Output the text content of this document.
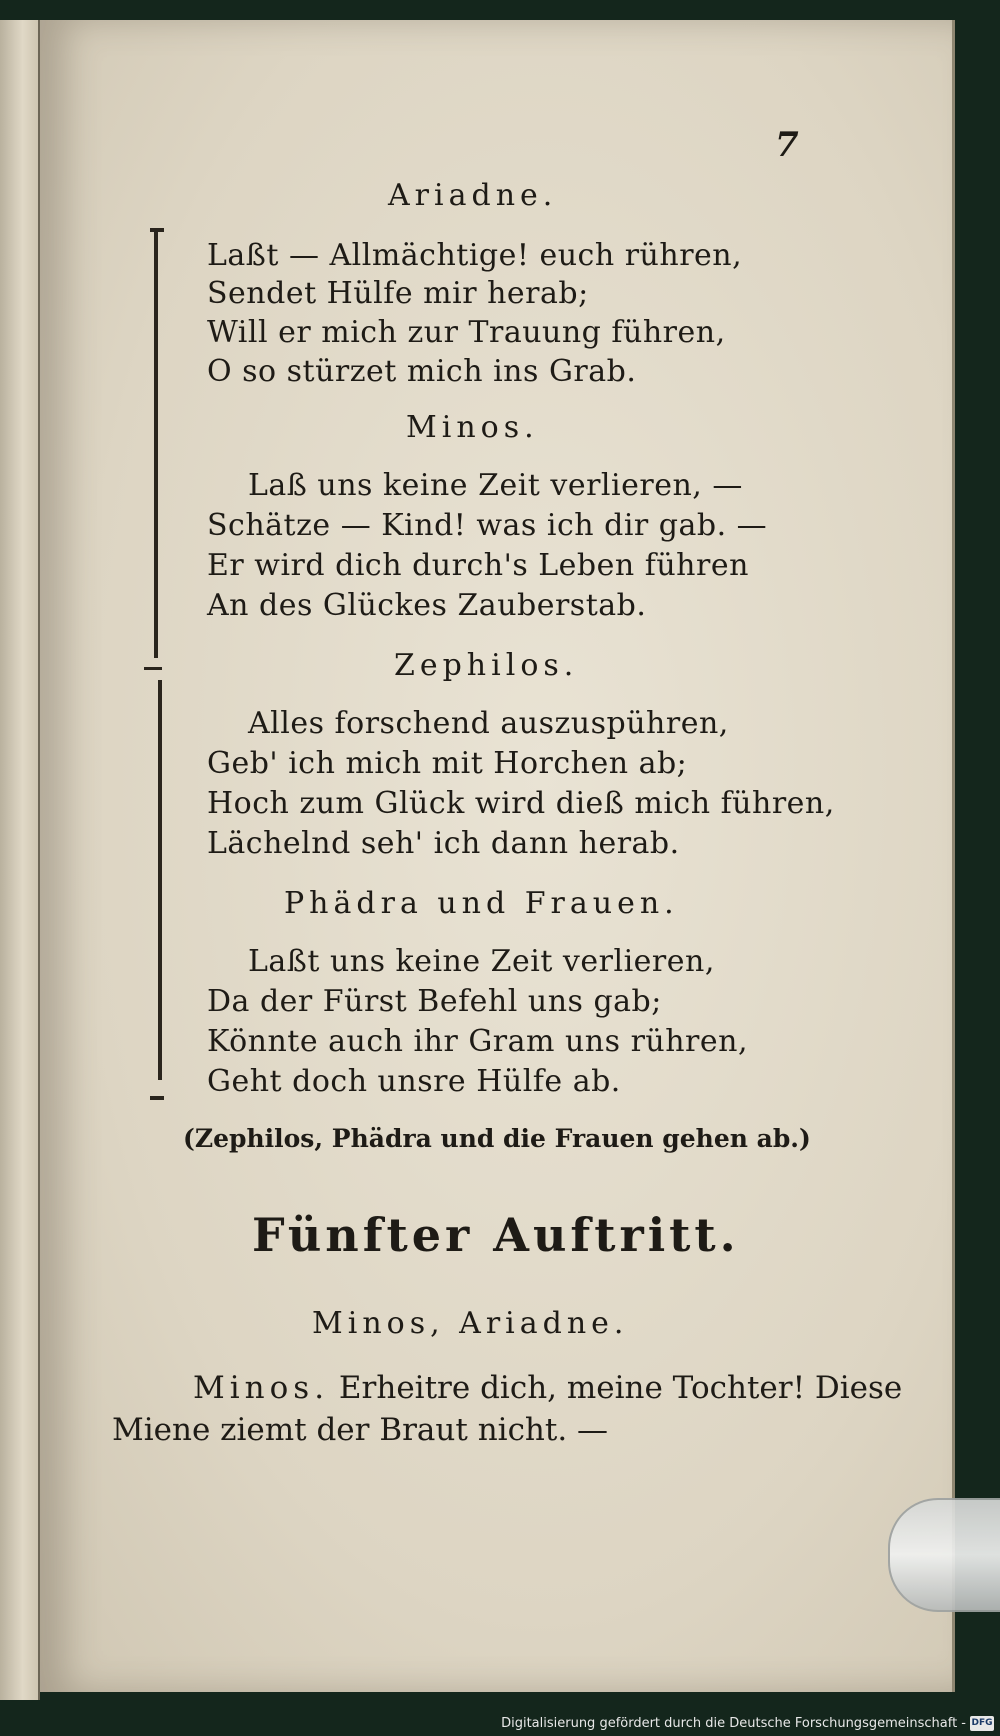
7

Ariadne.

Laßt — Allmächtige! euch rühren,

Sendet Hülfe mir herab;

Will er mich zur Trauung führen,

O so stürzet mich ins Grab.

Minos.

Laß uns keine Zeit verlieren, —

Schätze — Kind! was ich dir gab. —

Er wird dich durch's Leben führen

An des Glückes Zauberstab.

Zephilos.

Alles forschend auszuspühren,

Geb' ich mich mit Horchen ab;

Hoch zum Glück wird dieß mich führen,

Lächelnd seh' ich dann herab.

Phädra und Frauen.

Laßt uns keine Zeit verlieren,

Da der Fürst Befehl uns gab;

Könnte auch ihr Gram uns rühren,

Geht doch unsre Hülfe ab.

(Zephilos, Phädra und die Frauen gehen ab.)

Fünfter Auftritt.

Minos, Ariadne.

Minos. Erheitre dich, meine Tochter! Diese

Miene ziemt der Braut nicht. —

Digitalisierung gefördert durch die Deutsche Forschungsgemeinschaft - DFG
